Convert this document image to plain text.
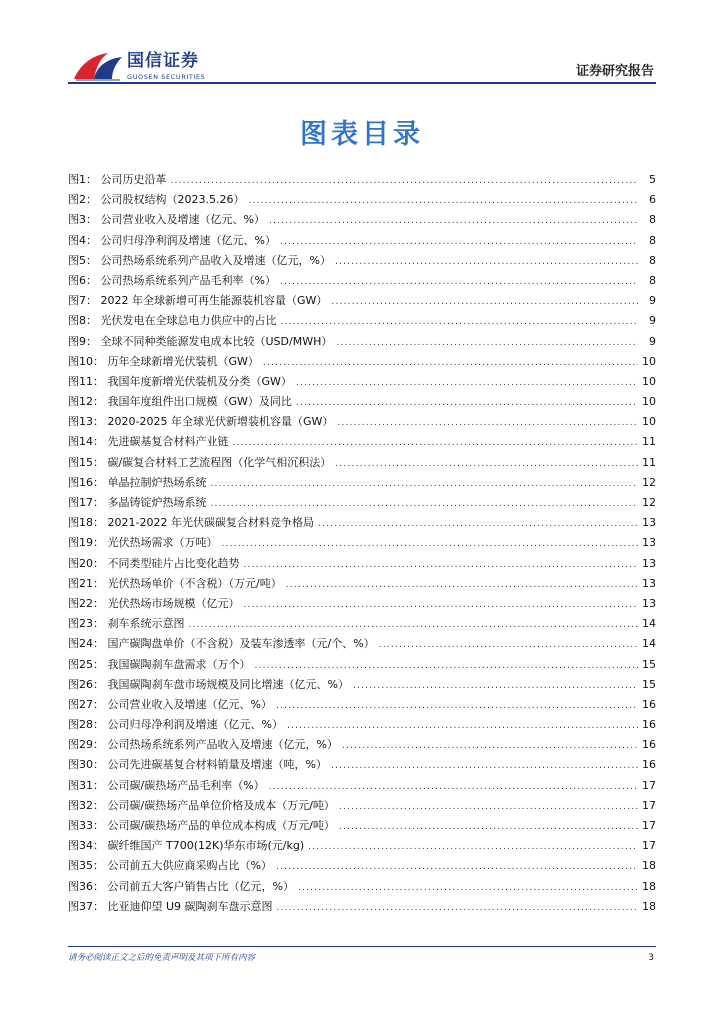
国信证券
GUOSEN SECURITIES	证券研究报告
图表目录
图1： 公司历史沿革 .....	5
图2： 公司股权结构（2023.5.26） .....	6
图3： 公司营业收入及增速（亿元、%） .....	8
图4： 公司归母净利润及增速（亿元、%） .....	8
图5： 公司热场系统系列产品收入及增速（亿元，%） .....	8
图6： 公司热场系统系列产品毛利率（%） .....	8
图7： 2022 年全球新增可再生能源装机容量（GW） .....	9
图8： 光伏发电在全球总电力供应中的占比 .....	9
图9： 全球不同种类能源发电成本比较（USD/MWH） .....	9
图10： 历年全球新增光伏装机（GW） .....	10
图11： 我国年度新增光伏装机及分类（GW） .....	10
图12： 我国年度组件出口规模（GW）及同比 .....	10
图13： 2020-2025 年全球光伏新增装机容量（GW） .....	10
图14： 先进碳基复合材料产业链 .....	11
图15： 碳/碳复合材料工艺流程图（化学气相沉积法） .....	11
图16： 单晶拉制炉热场系统 .....	12
图17： 多晶铸锭炉热场系统 .....	12
图18： 2021-2022 年光伏碳碳复合材料竞争格局 .....	13
图19： 光伏热场需求（万吨） .....	13
图20： 不同类型硅片占比变化趋势 .....	13
图21： 光伏热场单价（不含税）（万元/吨） .....	13
图22： 光伏热场市场规模（亿元） .....	13
图23： 刹车系统示意图 .....	14
图24： 国产碳陶盘单价（不含税）及装车渗透率（元/个、%） .....	14
图25： 我国碳陶刹车盘需求（万个） .....	15
图26： 我国碳陶刹车盘市场规模及同比增速（亿元、%） .....	15
图27： 公司营业收入及增速（亿元、%） .....	16
图28： 公司归母净利润及增速（亿元、%） .....	16
图29： 公司热场系统系列产品收入及增速（亿元，%） .....	16
图30： 公司先进碳基复合材料销量及增速（吨，%） .....	16
图31： 公司碳/碳热场产品毛利率（%） .....	17
图32： 公司碳/碳热场产品单位价格及成本（万元/吨） .....	17
图33： 公司碳/碳热场产品的单位成本构成（万元/吨） .....	17
图34： 碳纤维国产 T700(12K)华东市场(元/kg) .....	17
图35： 公司前五大供应商采购占比（%） .....	18
图36： 公司前五大客户销售占比（亿元，%） .....	18
图37： 比亚迪仰望 U9 碳陶刹车盘示意图 .....	18
请务必阅读正文之后的免责声明及其项下所有内容	3
